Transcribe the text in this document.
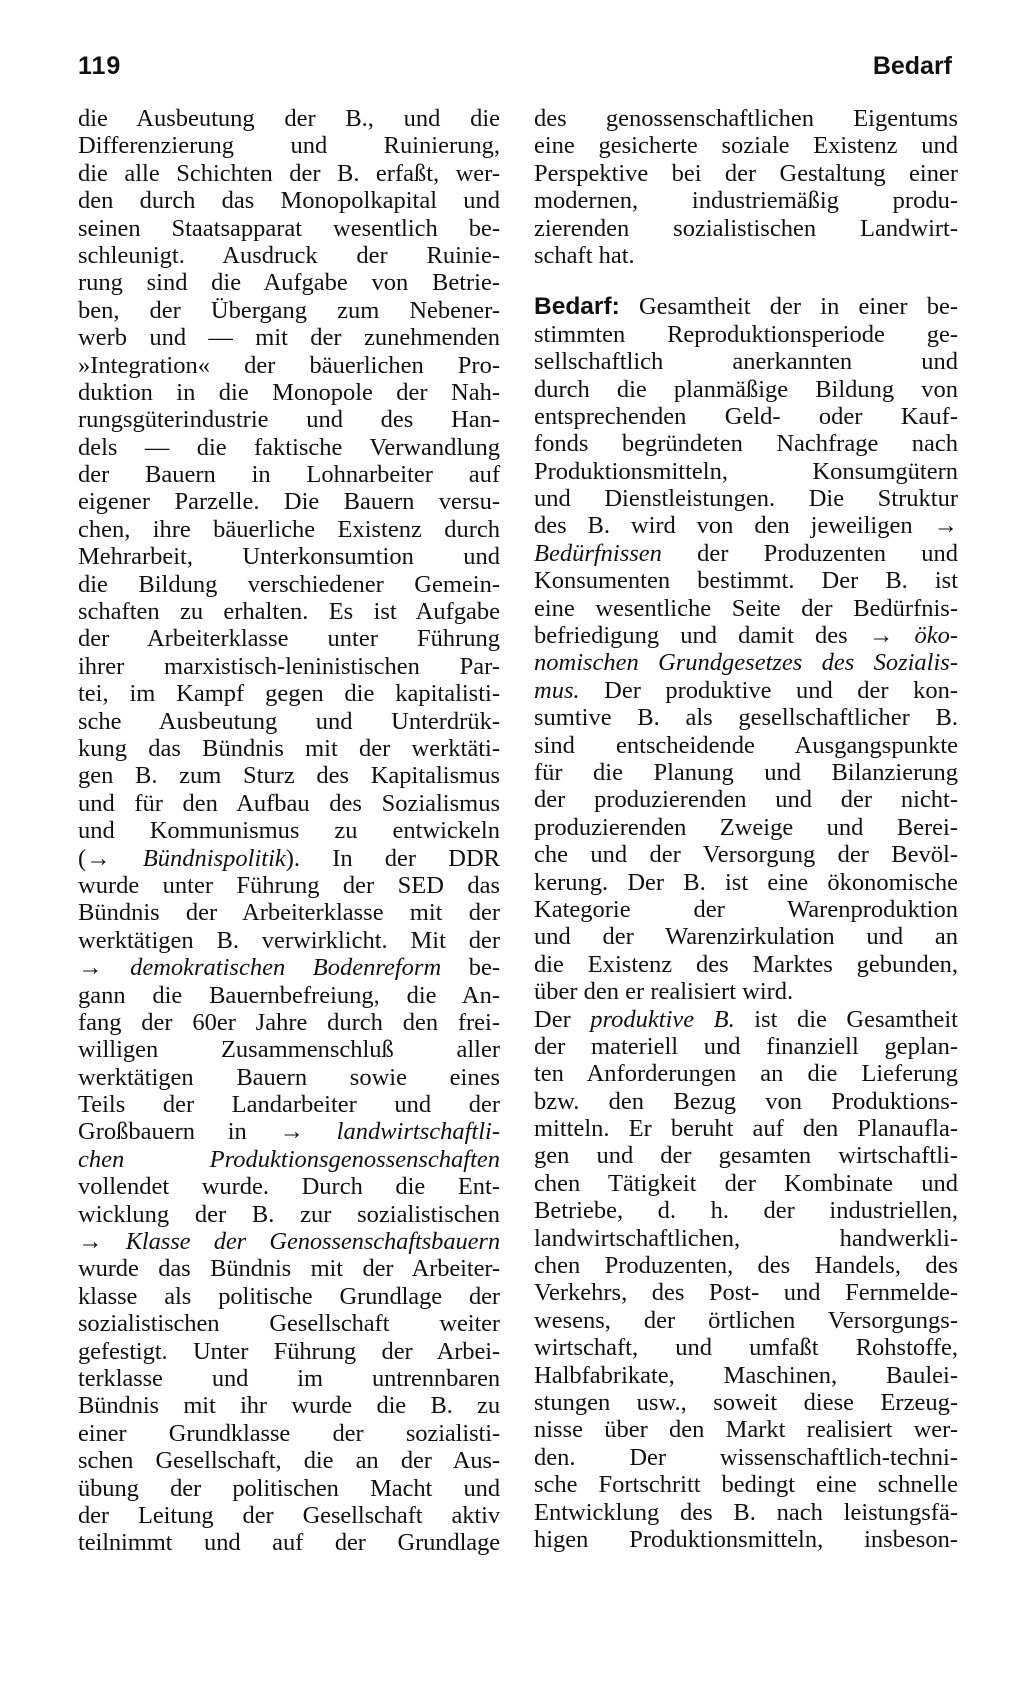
119	Bedarf
die Ausbeutung der B., und die
Differenzierung und Ruinierung,
die alle Schichten der B. erfaßt, wer-
den durch das Monopolkapital und
seinen Staatsapparat wesentlich be-
schleunigt. Ausdruck der Ruinie-
rung sind die Aufgabe von Betrie-
ben, der Übergang zum Nebener-
werb und — mit der zunehmenden
»Integration« der bäuerlichen Pro-
duktion in die Monopole der Nah-
rungsgüterindustrie und des Han-
dels — die faktische Verwandlung
der Bauern in Lohnarbeiter auf
eigener Parzelle. Die Bauern versu-
chen, ihre bäuerliche Existenz durch
Mehrarbeit, Unterkonsumtion und
die Bildung verschiedener Gemein-
schaften zu erhalten. Es ist Aufgabe
der Arbeiterklasse unter Führung
ihrer marxistisch-leninistischen Par-
tei, im Kampf gegen die kapitalisti-
sche Ausbeutung und Unterdrük-
kung das Bündnis mit der werktäti-
gen B. zum Sturz des Kapitalismus
und für den Aufbau des Sozialismus
und Kommunismus zu entwickeln
(→ Bündnispolitik). In der DDR
wurde unter Führung der SED das
Bündnis der Arbeiterklasse mit der
werktätigen B. verwirklicht. Mit der
→ demokratischen Bodenreform be-
gann die Bauernbefreiung, die An-
fang der 60er Jahre durch den frei-
willigen Zusammenschluß aller
werktätigen Bauern sowie eines
Teils der Landarbeiter und der
Großbauern in → landwirtschaftli-
chen Produktionsgenossenschaften
vollendet wurde. Durch die Ent-
wicklung der B. zur sozialistischen
→ Klasse der Genossenschaftsbauern
wurde das Bündnis mit der Arbeiter-
klasse als politische Grundlage der
sozialistischen Gesellschaft weiter
gefestigt. Unter Führung der Arbei-
terklasse und im untrennbaren
Bündnis mit ihr wurde die B. zu
einer Grundklasse der sozialisti-
schen Gesellschaft, die an der Aus-
übung der politischen Macht und
der Leitung der Gesellschaft aktiv
teilnimmt und auf der Grundlage
des genossenschaftlichen Eigentums
eine gesicherte soziale Existenz und
Perspektive bei der Gestaltung einer
modernen, industriemäßig produ-
zierenden sozialistischen Landwirt-
schaft hat.
Bedarf: Gesamtheit der in einer be-
stimmten Reproduktionsperiode ge-
sellschaftlich anerkannten und
durch die planmäßige Bildung von
entsprechenden Geld- oder Kauf-
fonds begründeten Nachfrage nach
Produktionsmitteln, Konsumgütern
und Dienstleistungen. Die Struktur
des B. wird von den jeweiligen →
Bedürfnissen der Produzenten und
Konsumenten bestimmt. Der B. ist
eine wesentliche Seite der Bedürfnis-
befriedigung und damit des → öko-
nomischen Grundgesetzes des Sozialis-
mus. Der produktive und der kon-
sumtive B. als gesellschaftlicher B.
sind entscheidende Ausgangspunkte
für die Planung und Bilanzierung
der produzierenden und der nicht-
produzierenden Zweige und Berei-
che und der Versorgung der Bevöl-
kerung. Der B. ist eine ökonomische
Kategorie der Warenproduktion
und der Warenzirkulation und an
die Existenz des Marktes gebunden,
über den er realisiert wird.
Der produktive B. ist die Gesamtheit
der materiell und finanziell geplan-
ten Anforderungen an die Lieferung
bzw. den Bezug von Produktions-
mitteln. Er beruht auf den Planaufla-
gen und der gesamten wirtschaftli-
chen Tätigkeit der Kombinate und
Betriebe, d. h. der industriellen,
landwirtschaftlichen, handwerkli-
chen Produzenten, des Handels, des
Verkehrs, des Post- und Fernmelde-
wesens, der örtlichen Versorgungs-
wirtschaft, und umfaßt Rohstoffe,
Halbfabrikate, Maschinen, Baulei-
stungen usw., soweit diese Erzeug-
nisse über den Markt realisiert wer-
den. Der wissenschaftlich-techni-
sche Fortschritt bedingt eine schnelle
Entwicklung des B. nach leistungsfä-
higen Produktionsmitteln, insbeson-
